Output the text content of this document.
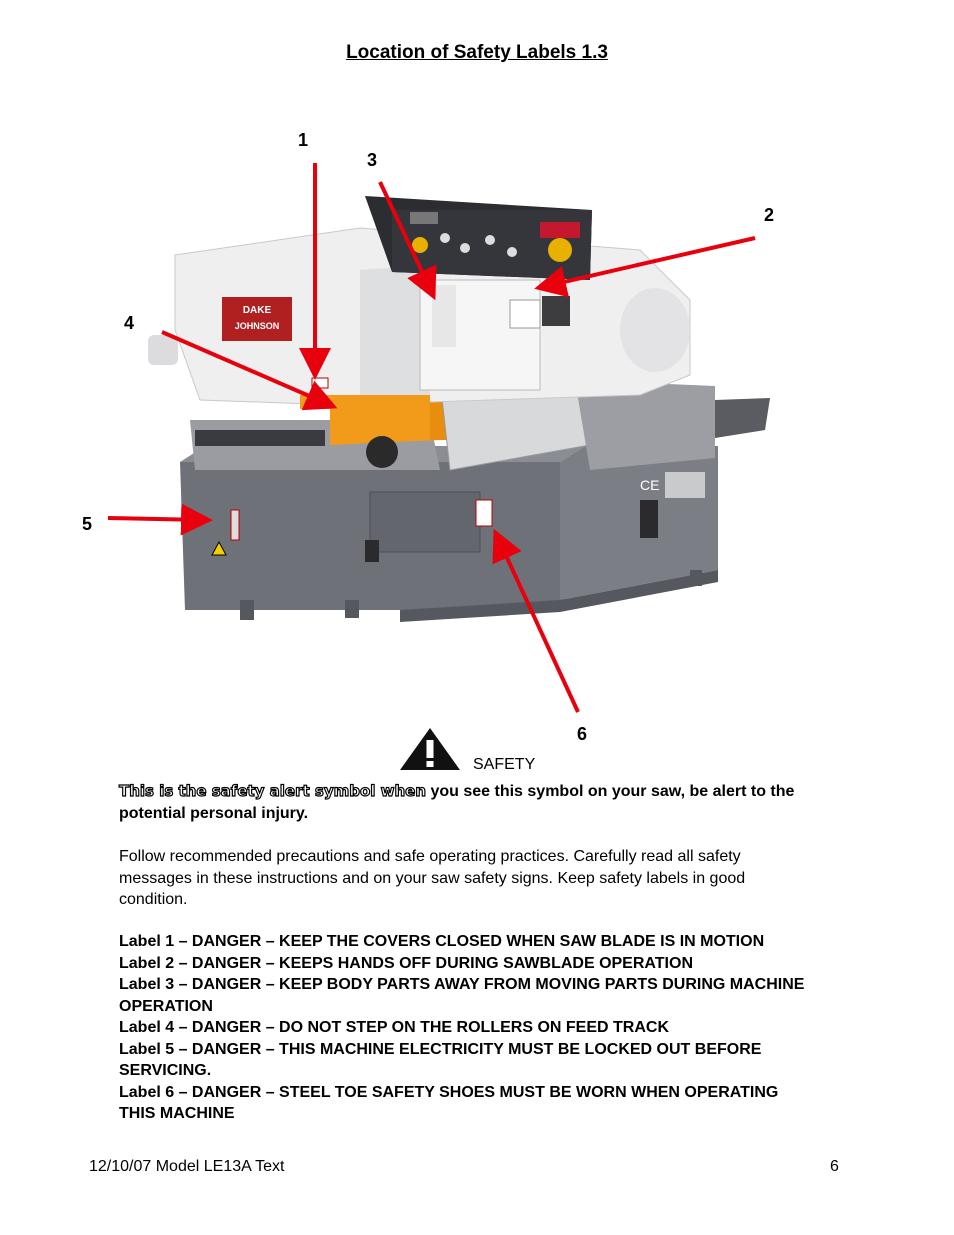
Location of Safety Labels 1.3
CE
DAKE
JOHNSON
1
2
3
4
5
6
SAFETY
This is the safety alert symbol when you see this symbol on your saw, be alert to the potential personal injury.
Follow recommended precautions and safe operating practices. Carefully read all safety messages in these instructions and on your saw safety signs. Keep safety labels in good condition.
Label 1 – DANGER – KEEP THE COVERS CLOSED WHEN SAW BLADE IS IN MOTION
Label 2 – DANGER – KEEPS HANDS OFF DURING SAWBLADE OPERATION
Label 3 – DANGER – KEEP BODY PARTS AWAY FROM MOVING PARTS DURING MACHINE OPERATION
Label 4 – DANGER – DO NOT STEP ON THE ROLLERS ON FEED TRACK
Label 5 – DANGER – THIS MACHINE ELECTRICITY MUST BE LOCKED OUT BEFORE SERVICING.
Label 6 – DANGER – STEEL TOE SAFETY SHOES MUST BE WORN WHEN OPERATING THIS MACHINE
12/10/07 Model LE13A Text	6
